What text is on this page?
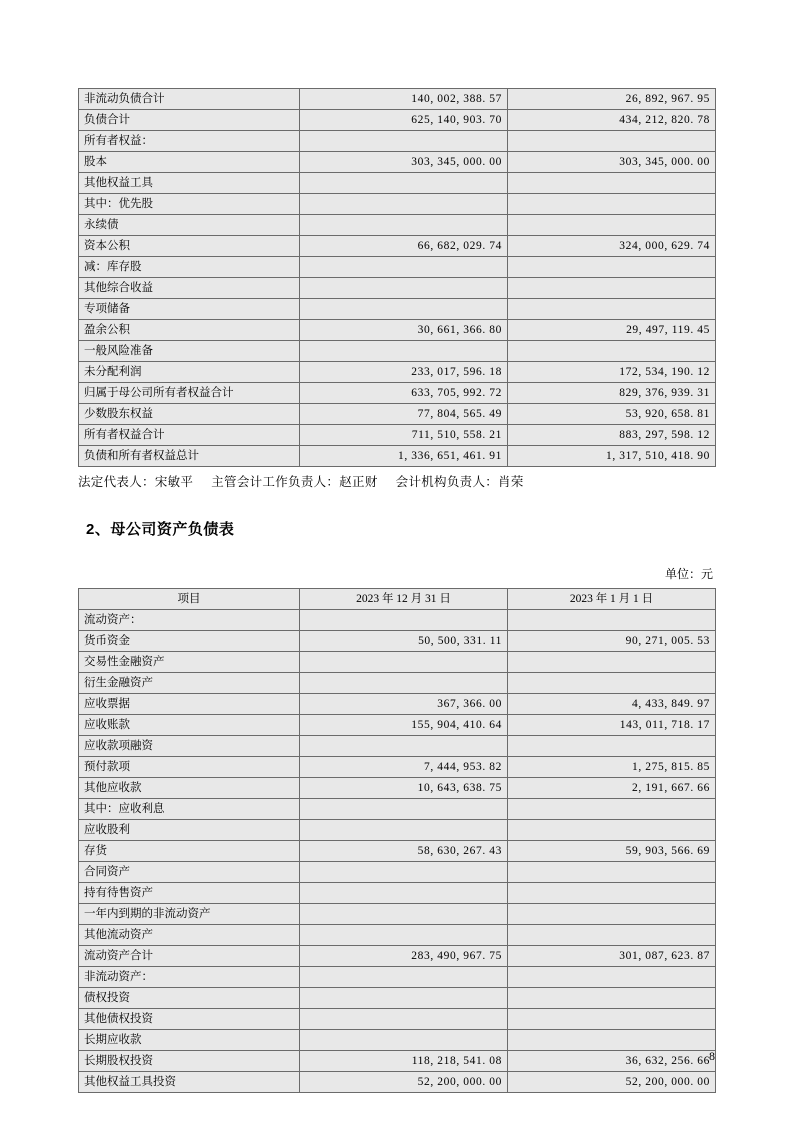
非流动负债合计	140, 002, 388. 57	26, 892, 967. 95
负债合计	625, 140, 903. 70	434, 212, 820. 78
所有者权益：		
股本	303, 345, 000. 00	303, 345, 000. 00
其他权益工具		
其中：优先股		
永续债		
资本公积	66, 682, 029. 74	324, 000, 629. 74
减：库存股		
其他综合收益		
专项储备		
盈余公积	30, 661, 366. 80	29, 497, 119. 45
一般风险准备		
未分配利润	233, 017, 596. 18	172, 534, 190. 12
归属于母公司所有者权益合计	633, 705, 992. 72	829, 376, 939. 31
少数股东权益	77, 804, 565. 49	53, 920, 658. 81
所有者权益合计	711, 510, 558. 21	883, 297, 598. 12
负债和所有者权益总计	1, 336, 651, 461. 91	1, 317, 510, 418. 90
法定代表人：宋敏平 主管会计工作负责人：赵正财 会计机构负责人：肖荣
2、母公司资产负债表
单位：元
项目	2023 年 12 月 31 日	2023 年 1 月 1 日
流动资产：		
货币资金	50, 500, 331. 11	90, 271, 005. 53
交易性金融资产		
衍生金融资产		
应收票据	367, 366. 00	4, 433, 849. 97
应收账款	155, 904, 410. 64	143, 011, 718. 17
应收款项融资		
预付款项	7, 444, 953. 82	1, 275, 815. 85
其他应收款	10, 643, 638. 75	2, 191, 667. 66
其中：应收利息		
应收股利		
存货	58, 630, 267. 43	59, 903, 566. 69
合同资产		
持有待售资产		
一年内到期的非流动资产		
其他流动资产		
流动资产合计	283, 490, 967. 75	301, 087, 623. 87
非流动资产：		
债权投资		
其他债权投资		
长期应收款		
长期股权投资	118, 218, 541. 08	36, 632, 256. 66
其他权益工具投资	52, 200, 000. 00	52, 200, 000. 00
8
